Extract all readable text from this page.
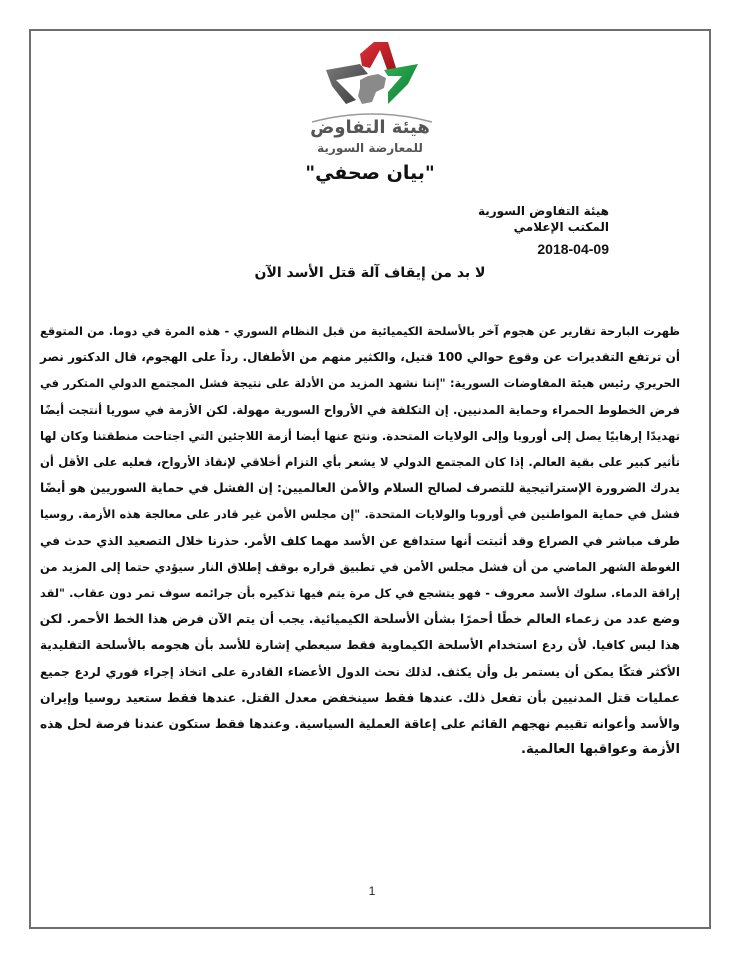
هيئة التفاوض
للمعارضة السورية
"بيان صحفي"
هيئة التفاوض السورية
المكتب الإعلامي
2018-04-09
لا بد من إيقاف آلة قتل الأسد الآن
ظهرت البارحة تقارير عن هجوم آخر بالأسلحة الكيميائية من قبل النظام السوري - هذه المرة في دوما. من المتوقع
أن ترتفع التقديرات عن وقوع حوالي 100 قتيل، والكثير منهم من الأطفال. رداً على الهجوم، قال الدكتور نصر
الحريري رئيس هيئة المفاوضات السورية: "إننا نشهد المزيد من الأدلة على نتيجة فشل المجتمع الدولي المتكرر في
فرض الخطوط الحمراء وحماية المدنيين. إن التكلفة في الأرواح السورية مهولة. لكن الأزمة في سوريا أنتجت أيضًا
تهديدًا إرهابيًا يصل إلى أوروبا وإلى الولايات المتحدة. ونتج عنها أيضا أزمة اللاجئين التي اجتاحت منطقتنا وكان لها
تأثير كبير على بقية العالم. إذا كان المجتمع الدولي لا يشعر بأي التزام أخلاقي لإنقاذ الأرواح، فعليه على الأقل أن
يدرك الضرورة الإستراتيجية للتصرف لصالح السلام والأمن العالميين: إن الفشل في حماية السوريين هو أيضًا
فشل في حماية المواطنين في أوروبا والولايات المتحدة. "إن مجلس الأمن غير قادر على معالجة هذه الأزمة. روسيا
طرف مباشر في الصراع وقد أثبتت أنها ستدافع عن الأسد مهما كلف الأمر. حذرنا خلال التصعيد الذي حدث في
الغوطة الشهر الماضي من أن فشل مجلس الأمن في تطبيق قراره بوقف إطلاق النار سيؤدي حتما إلى المزيد من
إراقة الدماء. سلوك الأسد معروف - فهو يتشجع في كل مرة يتم فيها تذكيره بأن جرائمه سوف تمر دون عقاب. "لقد
وضع عدد من زعماء العالم خطًا أحمرًا بشأن الأسلحة الكيميائية. يجب أن يتم الآن فرض هذا الخط الأحمر. لكن
هذا ليس كافيا. لأن ردع استخدام الأسلحة الكيماوية فقط سيعطي إشارة للأسد بأن هجومه بالأسلحة التقليدية
الأكثر فتكًا يمكن أن يستمر بل وأن يكثف. لذلك نحث الدول الأعضاء القادرة على اتخاذ إجراء فوري لردع جميع
عمليات قتل المدنيين بأن تفعل ذلك. عندها فقط سينخفض معدل القتل. عندها فقط ستعيد روسيا وإيران
والأسد وأعوانه تقييم نهجهم القائم على إعاقة العملية السياسية. وعندها فقط ستكون عندنا فرصة لحل هذه
الأزمة وعواقبها العالمية.
1
